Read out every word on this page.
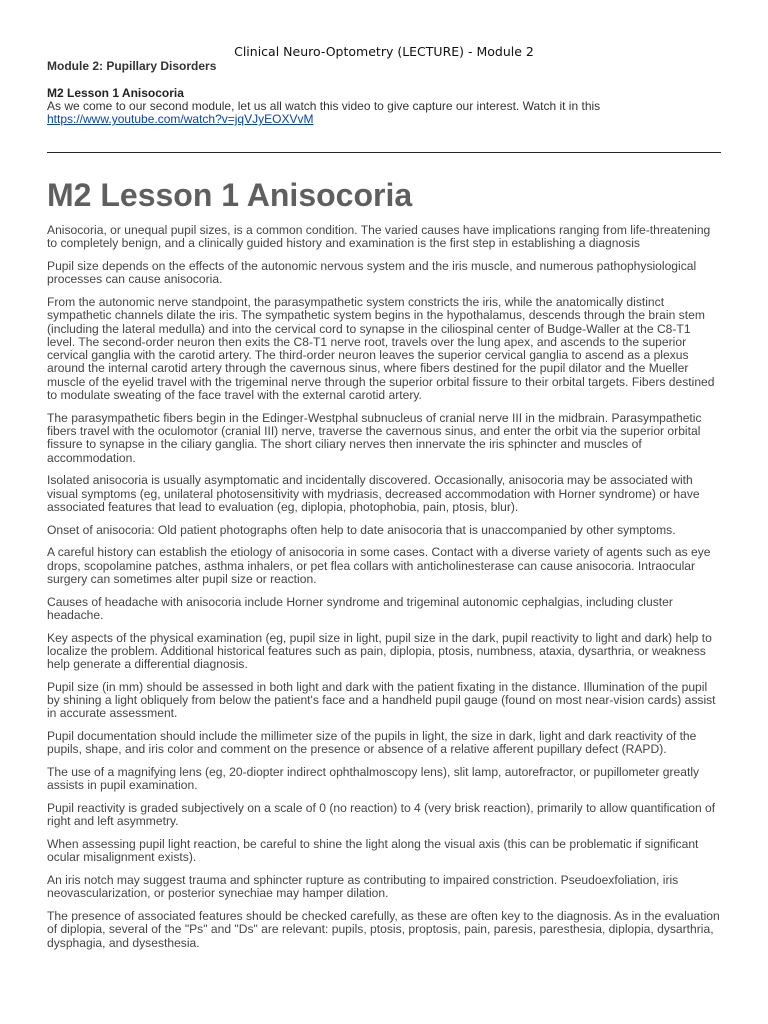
Clinical Neuro-Optometry (LECTURE) - Module 2
Module 2: Pupillary Disorders
M2 Lesson 1 Anisocoria
As we come to our second module, let us all watch this video to give capture our interest. Watch it in this
https://www.youtube.com/watch?v=jqVJyEOXVvM
M2 Lesson 1 Anisocoria

Anisocoria, or unequal pupil sizes, is a common condition. The varied causes have implications ranging from life-threatening to completely benign, and a clinically guided history and examination is the first step in establishing a diagnosis

Pupil size depends on the effects of the autonomic nervous system and the iris muscle, and numerous pathophysiological processes can cause anisocoria.

From the autonomic nerve standpoint, the parasympathetic system constricts the iris, while the anatomically distinct sympathetic channels dilate the iris. The sympathetic system begins in the hypothalamus, descends through the brain stem (including the lateral medulla) and into the cervical cord to synapse in the ciliospinal center of Budge-Waller at the C8-T1 level. The second-order neuron then exits the C8-T1 nerve root, travels over the lung apex, and ascends to the superior cervical ganglia with the carotid artery. The third-order neuron leaves the superior cervical ganglia to ascend as a plexus around the internal carotid artery through the cavernous sinus, where fibers destined for the pupil dilator and the Mueller muscle of the eyelid travel with the trigeminal nerve through the superior orbital fissure to their orbital targets. Fibers destined to modulate sweating of the face travel with the external carotid artery.

The parasympathetic fibers begin in the Edinger-Westphal subnucleus of cranial nerve III in the midbrain. Parasympathetic fibers travel with the oculomotor (cranial III) nerve, traverse the cavernous sinus, and enter the orbit via the superior orbital fissure to synapse in the ciliary ganglia. The short ciliary nerves then innervate the iris sphincter and muscles of accommodation.

Isolated anisocoria is usually asymptomatic and incidentally discovered. Occasionally, anisocoria may be associated with visual symptoms (eg, unilateral photosensitivity with mydriasis, decreased accommodation with Horner syndrome) or have associated features that lead to evaluation (eg, diplopia, photophobia, pain, ptosis, blur).

Onset of anisocoria: Old patient photographs often help to date anisocoria that is unaccompanied by other symptoms.

A careful history can establish the etiology of anisocoria in some cases. Contact with a diverse variety of agents such as eye drops, scopolamine patches, asthma inhalers, or pet flea collars with anticholinesterase can cause anisocoria. Intraocular surgery can sometimes alter pupil size or reaction.

Causes of headache with anisocoria include Horner syndrome and trigeminal autonomic cephalgias, including cluster headache.

Key aspects of the physical examination (eg, pupil size in light, pupil size in the dark, pupil reactivity to light and dark) help to localize the problem. Additional historical features such as pain, diplopia, ptosis, numbness, ataxia, dysarthria, or weakness help generate a differential diagnosis.

Pupil size (in mm) should be assessed in both light and dark with the patient fixating in the distance. Illumination of the pupil by shining a light obliquely from below the patient's face and a handheld pupil gauge (found on most near-vision cards) assist in accurate assessment.

Pupil documentation should include the millimeter size of the pupils in light, the size in dark, light and dark reactivity of the pupils, shape, and iris color and comment on the presence or absence of a relative afferent pupillary defect (RAPD).

The use of a magnifying lens (eg, 20-diopter indirect ophthalmoscopy lens), slit lamp, autorefractor, or pupillometer greatly assists in pupil examination.

Pupil reactivity is graded subjectively on a scale of 0 (no reaction) to 4 (very brisk reaction), primarily to allow quantification of right and left asymmetry.

When assessing pupil light reaction, be careful to shine the light along the visual axis (this can be problematic if significant ocular misalignment exists).

An iris notch may suggest trauma and sphincter rupture as contributing to impaired constriction. Pseudoexfoliation, iris neovascularization, or posterior synechiae may hamper dilation.

The presence of associated features should be checked carefully, as these are often key to the diagnosis. As in the evaluation of diplopia, several of the "Ps" and "Ds" are relevant: pupils, ptosis, proptosis, pain, paresis, paresthesia, diplopia, dysarthria, dysphagia, and dysesthesia.
